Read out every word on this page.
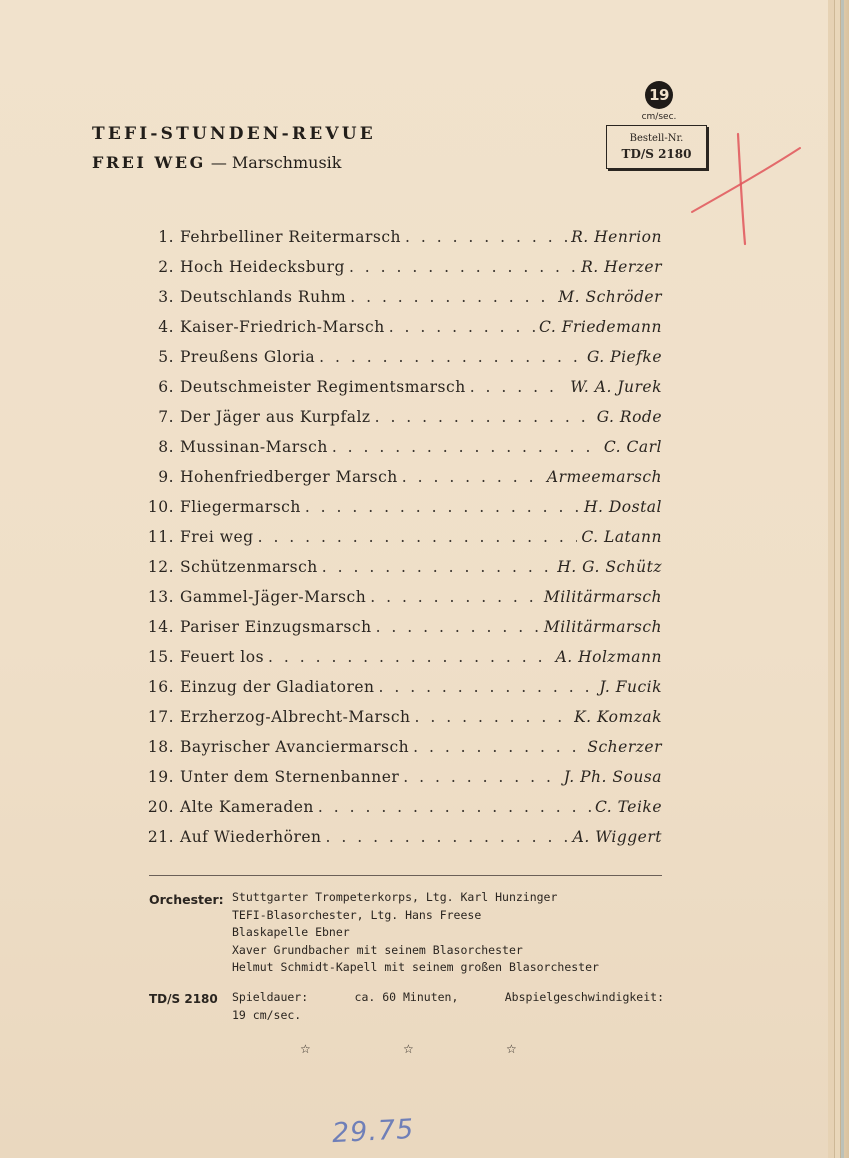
TEFI-STUNDEN-REVUE
FREI WEG — Marschmusik
19
cm/sec.
Bestell-Nr.
TD/S 2180
1. Fehrbelliner Reitermarsch . . .	R. Henrion
2. Hoch Heidecksburg . . .	R. Herzer
3. Deutschlands Ruhm . . .	M. Schröder
4. Kaiser-Friedrich-Marsch . . .	C. Friedemann
5. Preußens Gloria . . .	G. Piefke
6. Deutschmeister Regimentsmarsch . . .	W. A. Jurek
7. Der Jäger aus Kurpfalz . . .	G. Rode
8. Mussinan-Marsch . . .	C. Carl
9. Hohenfriedberger Marsch . . .	Armeemarsch
10. Fliegermarsch . . .	H. Dostal
11. Frei weg . . .	C. Latann
12. Schützenmarsch . . .	H. G. Schütz
13. Gammel-Jäger-Marsch . . .	Militärmarsch
14. Pariser Einzugsmarsch . . .	Militärmarsch
15. Feuert los . . .	A. Holzmann
16. Einzug der Gladiatoren . . .	J. Fucik
17. Erzherzog-Albrecht-Marsch . . .	K. Komzak
18. Bayrischer Avanciermarsch . . .	Scherzer
19. Unter dem Sternenbanner . . .	J. Ph. Sousa
20. Alte Kameraden . . .	C. Teike
21. Auf Wiederhören . . .	A. Wiggert
Orchester: Stuttgarter Trompeterkorps, Ltg. Karl Hunzinger
TEFI-Blasorchester, Ltg. Hans Freese
Blaskapelle Ebner
Xaver Grundbacher mit seinem Blasorchester
Helmut Schmidt-Kapell mit seinem großen Blasorchester
TD/S 2180 Spieldauer:	ca. 60 Minuten,	Abspielgeschwindigkeit:
19 cm/sec.
☆	☆	☆
29.75
